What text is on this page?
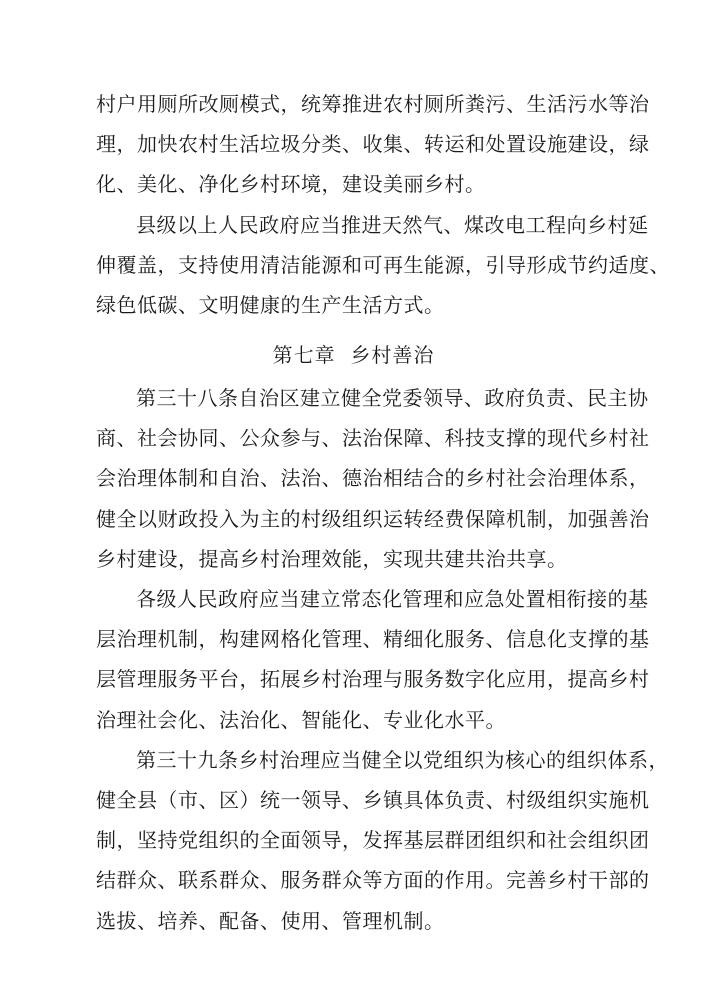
村户用厕所改厕模式，统筹推进农村厕所粪污、生活污水等治
理，加快农村生活垃圾分类、收集、转运和处置设施建设，绿
化、美化、净化乡村环境，建设美丽乡村。
县级以上人民政府应当推进天然气、煤改电工程向乡村延
伸覆盖，支持使用清洁能源和可再生能源，引导形成节约适度、
绿色低碳、文明健康的生产生活方式。
第七章  乡村善治
第三十八条自治区建立健全党委领导、政府负责、民主协
商、社会协同、公众参与、法治保障、科技支撑的现代乡村社
会治理体制和自治、法治、德治相结合的乡村社会治理体系，
健全以财政投入为主的村级组织运转经费保障机制，加强善治
乡村建设，提高乡村治理效能，实现共建共治共享。
各级人民政府应当建立常态化管理和应急处置相衔接的基
层治理机制，构建网格化管理、精细化服务、信息化支撑的基
层管理服务平台，拓展乡村治理与服务数字化应用，提高乡村
治理社会化、法治化、智能化、专业化水平。
第三十九条乡村治理应当健全以党组织为核心的组织体系，
健全县（市、区）统一领导、乡镇具体负责、村级组织实施机
制，坚持党组织的全面领导，发挥基层群团组织和社会组织团
结群众、联系群众、服务群众等方面的作用。完善乡村干部的
选拔、培养、配备、使用、管理机制。
